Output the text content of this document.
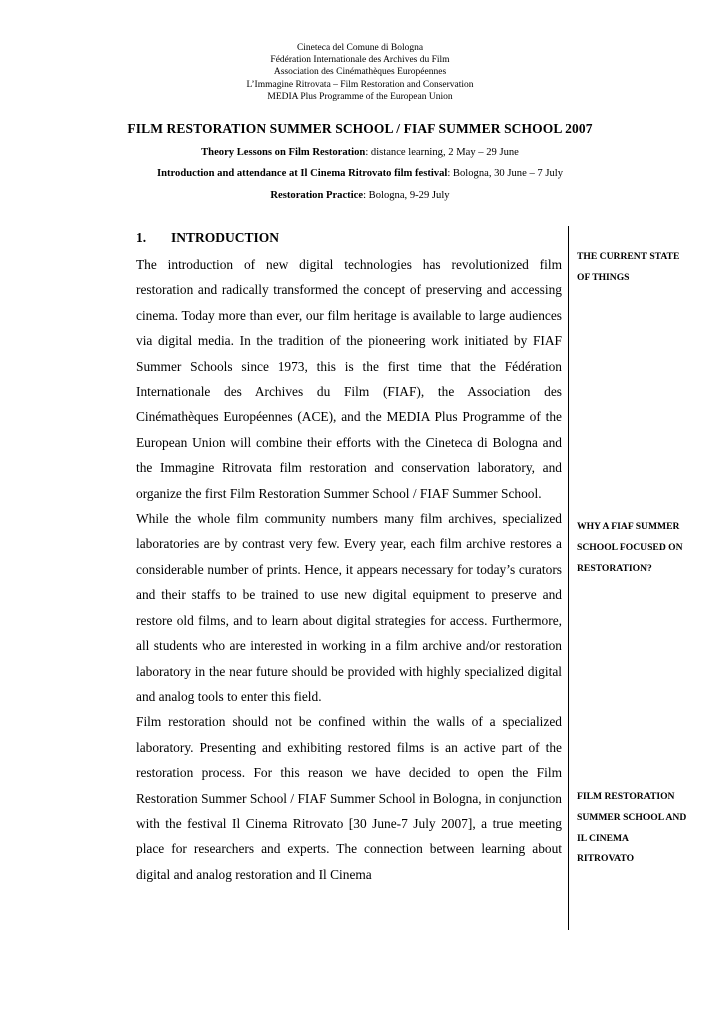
Cineteca del Comune di Bologna
Fédération Internationale des Archives du Film
Association des Cinémathèques Européennes
L’Immagine Ritrovata – Film Restoration and Conservation
MEDIA Plus Programme of the European Union
FILM RESTORATION SUMMER SCHOOL / FIAF SUMMER SCHOOL 2007
Theory Lessons on Film Restoration: distance learning, 2 May – 29 June
Introduction and attendance at Il Cinema Ritrovato film festival: Bologna, 30 June – 7 July
Restoration Practice: Bologna, 9-29 July
1. INTRODUCTION

The introduction of new digital technologies has revolutionized film restoration and radically transformed the concept of preserving and accessing cinema. Today more than ever, our film heritage is available to large audiences via digital media. In the tradition of the pioneering work initiated by FIAF Summer Schools since 1973, this is the first time that the Fédération Internationale des Archives du Film (FIAF), the Association des Cinémathèques Européennes (ACE), and the MEDIA Plus Programme of the European Union will combine their efforts with the Cineteca di Bologna and the Immagine Ritrovata film restoration and conservation laboratory, and organize the first Film Restoration Summer School / FIAF Summer School.

While the whole film community numbers many film archives, specialized laboratories are by contrast very few. Every year, each film archive restores a considerable number of prints. Hence, it appears necessary for today’s curators and their staffs to be trained to use new digital equipment to preserve and restore old films, and to learn about digital strategies for access. Furthermore, all students who are interested in working in a film archive and/or restoration laboratory in the near future should be provided with highly specialized digital and analog tools to enter this field.

Film restoration should not be confined within the walls of a specialized laboratory. Presenting and exhibiting restored films is an active part of the restoration process. For this reason we have decided to open the Film Restoration Summer School / FIAF Summer School in Bologna, in conjunction with the festival Il Cinema Ritrovato [30 June-7 July 2007], a true meeting place for researchers and experts. The connection between learning about digital and analog restoration and Il Cinema

THE CURRENT STATE OF THINGS
WHY A FIAF SUMMER SCHOOL FOCUSED ON RESTORATION?
FILM RESTORATION SUMMER SCHOOL AND IL CINEMA RITROVATO
